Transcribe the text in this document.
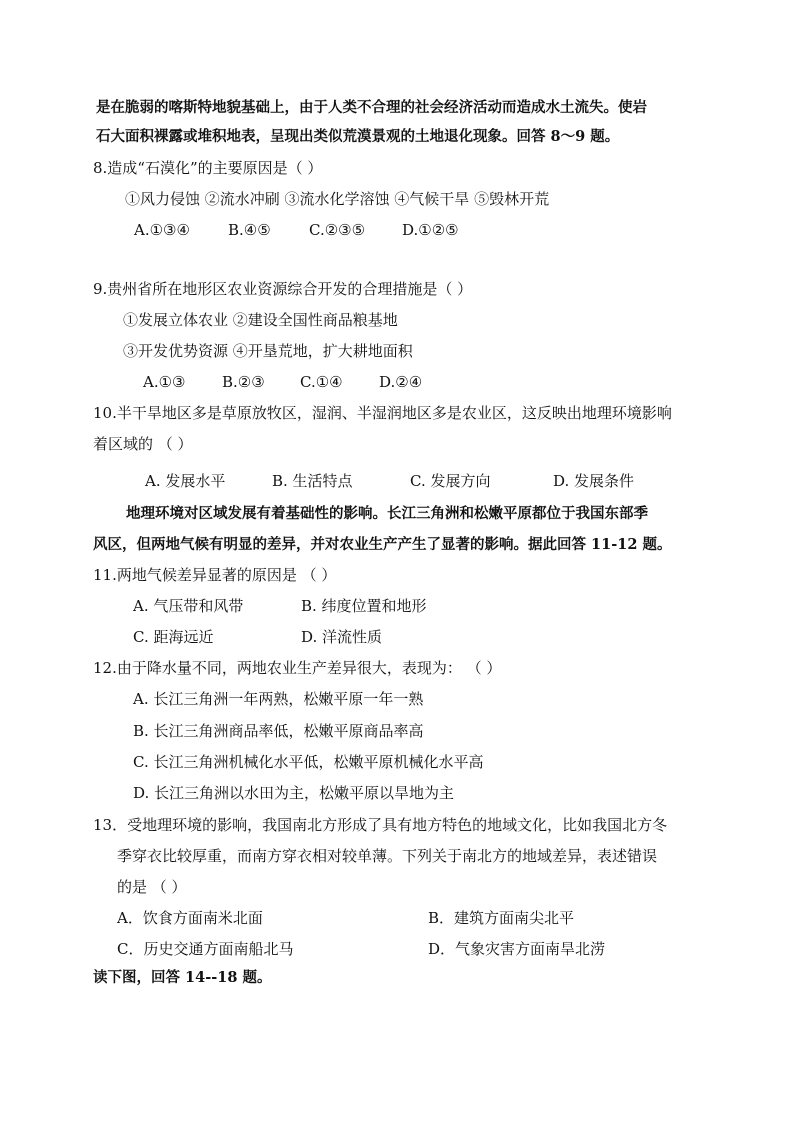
是在脆弱的喀斯特地貌基础上，由于人类不合理的社会经济活动而造成水土流失。使岩
石大面积裸露或堆积地表，呈现出类似荒漠景观的土地退化现象。回答 8～9 题。
8.造成“石漠化”的主要原因是（ ）
①风力侵蚀 ②流水冲刷 ③流水化学溶蚀 ④气候干旱 ⑤毁林开荒
A.①③④	B.④⑤	C.②③⑤ D.①②⑤
9.贵州省所在地形区农业资源综合开发的合理措施是（ ）
①发展立体农业 ②建设全国性商品粮基地
③开发优势资源 ④开垦荒地，扩大耕地面积
A.①③ B.②③ C.①④ D.②④
10.半干旱地区多是草原放牧区，湿润、半湿润地区多是农业区，这反映出地理环境影响
着区域的 （ ）
A. 发展水平	B. 生活特点	C. 发展方向	D. 发展条件
地理环境对区域发展有着基础性的影响。长江三角洲和松嫩平原都位于我国东部季
风区，但两地气候有明显的差异，并对农业生产产生了显著的影响。据此回答 11-12 题。
11.两地气候差异显著的原因是 （ ）
A. 气压带和风带	B. 纬度位置和地形
C. 距海远近	D. 洋流性质
12.由于降水量不同，两地农业生产差异很大，表现为： （ ）
A. 长江三角洲一年两熟，松嫩平原一年一熟
B. 长江三角洲商品率低，松嫩平原商品率高
C. 长江三角洲机械化水平低，松嫩平原机械化水平高
D. 长江三角洲以水田为主，松嫩平原以旱地为主
13．受地理环境的影响，我国南北方形成了具有地方特色的地域文化，比如我国北方冬
季穿衣比较厚重，而南方穿衣相对较单薄。下列关于南北方的地域差异，表述错误
的是 （ ）
A．饮食方面南米北面	B．建筑方面南尖北平
C．历史交通方面南船北马	D．气象灾害方面南旱北涝
读下图，回答 14--18 题。
